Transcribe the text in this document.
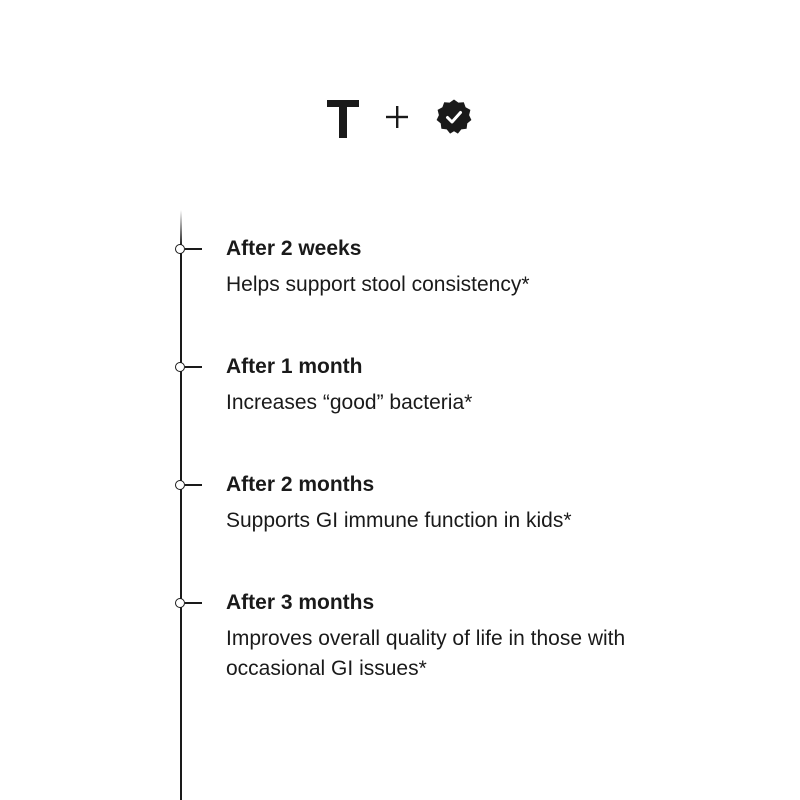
After 2 weeks
Helps support stool consistency*
After 1 month
Increases “good” bacteria*
After 2 months
Supports GI immune function in kids*
After 3 months
Improves overall quality of life in those with occasional GI issues*
